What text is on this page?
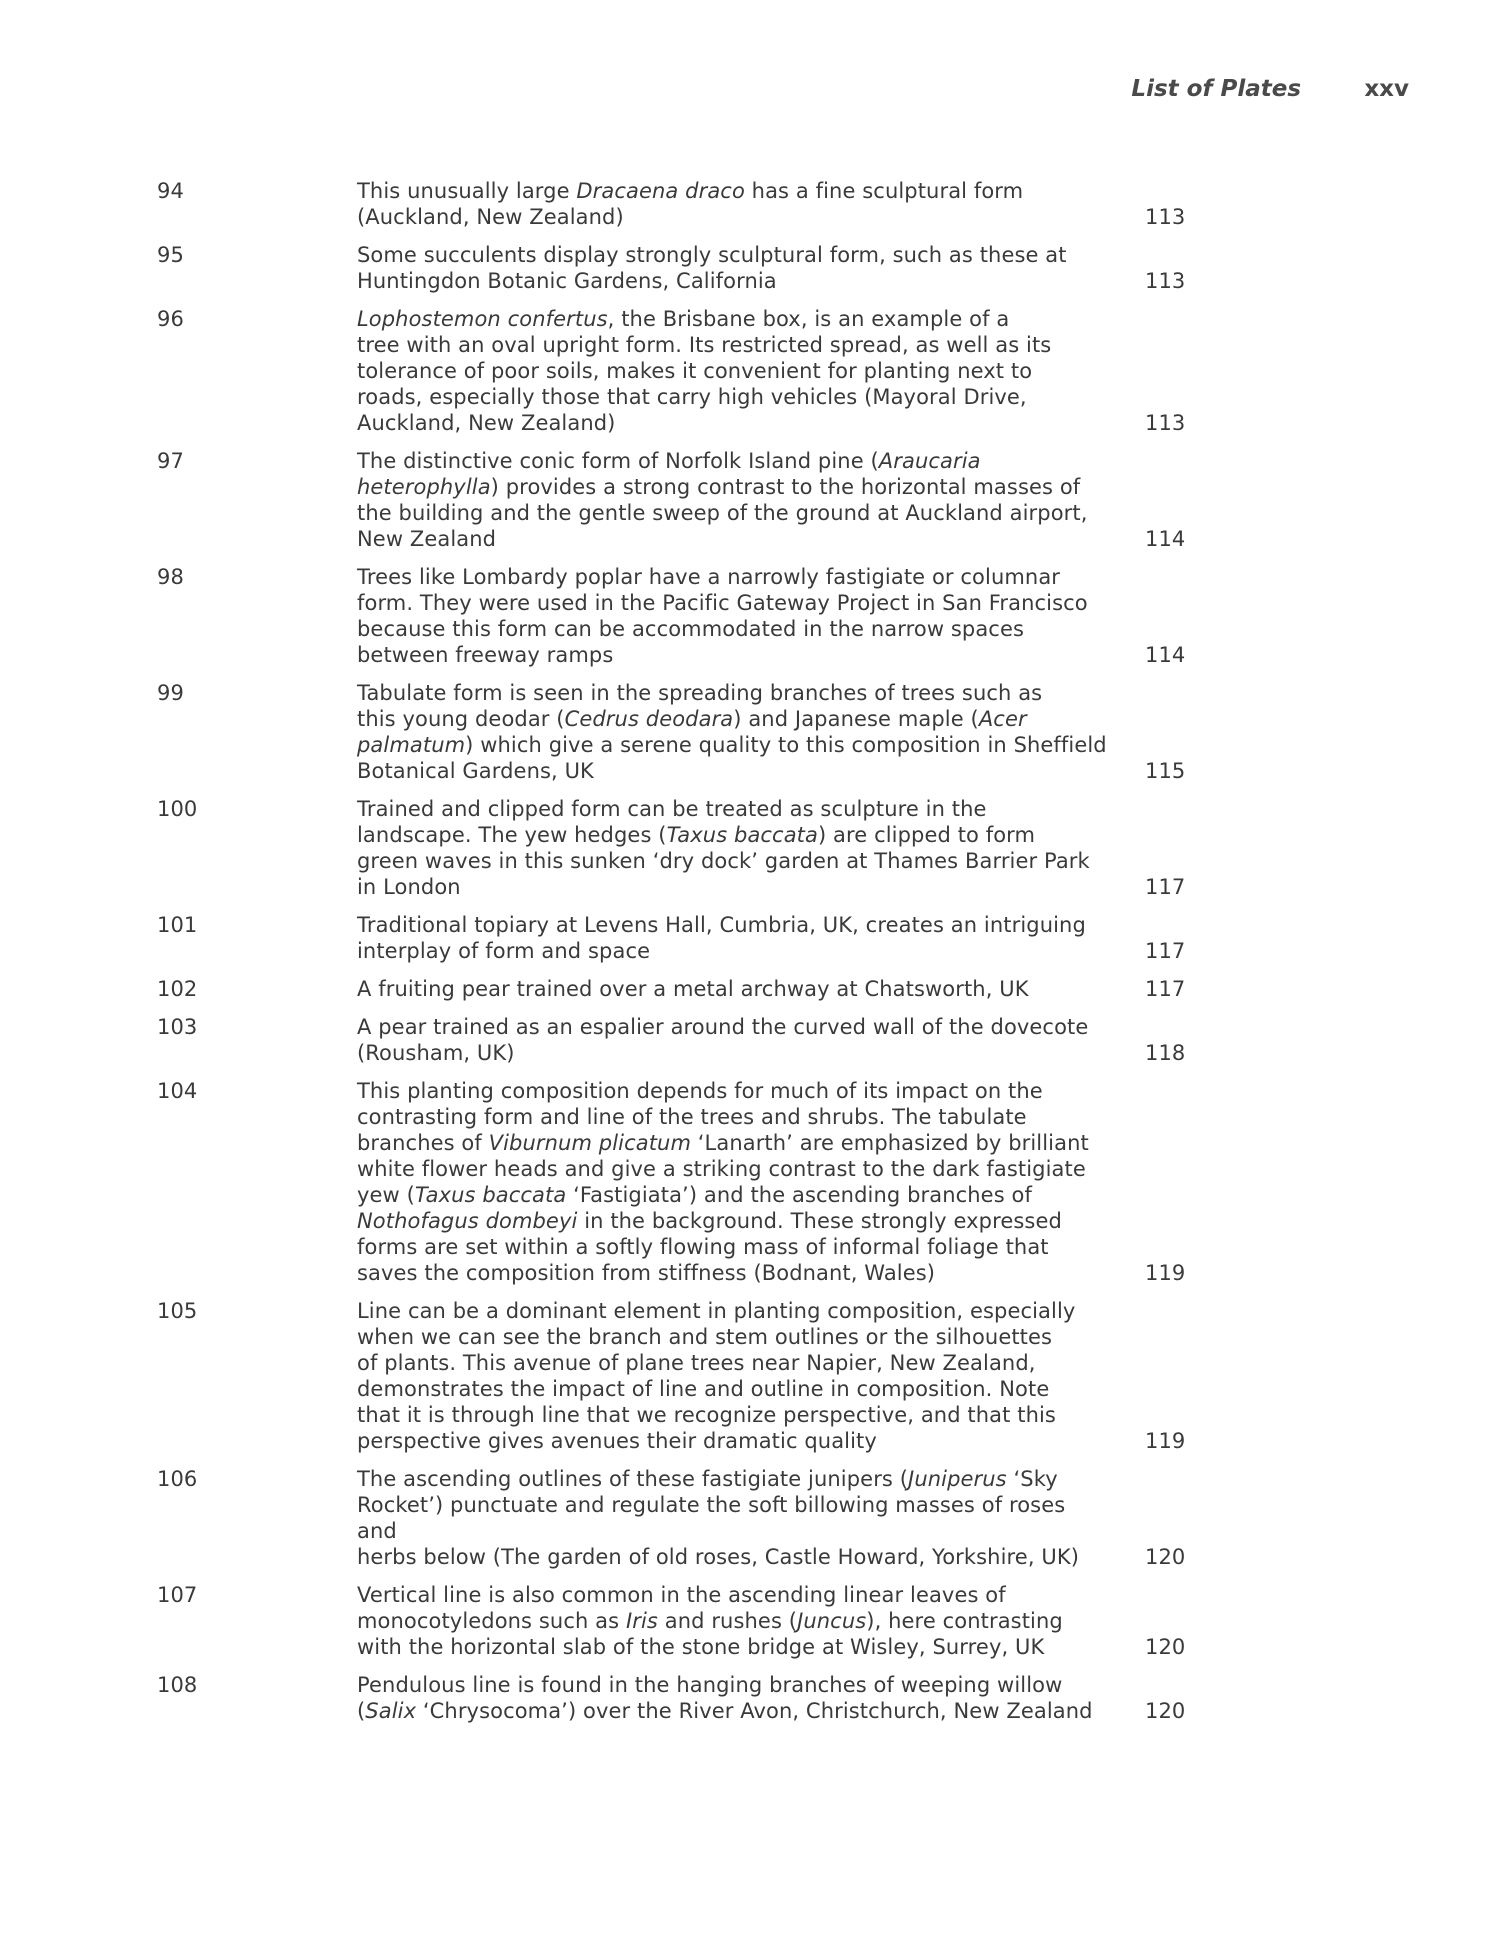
List of Plates	xxv
94	This unusually large Dracaena draco has a fine sculptural form
(Auckland, New Zealand)	113
95	Some succulents display strongly sculptural form, such as these at
Huntingdon Botanic Gardens, California	113
96	Lophostemon confertus, the Brisbane box, is an example of a
tree with an oval upright form. Its restricted spread, as well as its
tolerance of poor soils, makes it convenient for planting next to
roads, especially those that carry high vehicles (Mayoral Drive,
Auckland, New Zealand)	113
97	The distinctive conic form of Norfolk Island pine (Araucaria
heterophylla) provides a strong contrast to the horizontal masses of
the building and the gentle sweep of the ground at Auckland airport,
New Zealand	114
98	Trees like Lombardy poplar have a narrowly fastigiate or columnar
form. They were used in the Pacific Gateway Project in San Francisco
because this form can be accommodated in the narrow spaces
between freeway ramps	114
99	Tabulate form is seen in the spreading branches of trees such as
this young deodar (Cedrus deodara) and Japanese maple (Acer
palmatum) which give a serene quality to this composition in Sheffield
Botanical Gardens, UK	115
100	Trained and clipped form can be treated as sculpture in the
landscape. The yew hedges (Taxus baccata) are clipped to form
green waves in this sunken ‘dry dock’ garden at Thames Barrier Park
in London	117
101	Traditional topiary at Levens Hall, Cumbria, UK, creates an intriguing
interplay of form and space	117
102	A fruiting pear trained over a metal archway at Chatsworth, UK	117
103	A pear trained as an espalier around the curved wall of the dovecote
(Rousham, UK)	118
104	This planting composition depends for much of its impact on the
contrasting form and line of the trees and shrubs. The tabulate
branches of Viburnum plicatum ‘Lanarth’ are emphasized by brilliant
white flower heads and give a striking contrast to the dark fastigiate
yew (Taxus baccata ‘Fastigiata’) and the ascending branches of
Nothofagus dombeyi in the background. These strongly expressed
forms are set within a softly flowing mass of informal foliage that
saves the composition from stiffness (Bodnant, Wales)	119
105	Line can be a dominant element in planting composition, especially
when we can see the branch and stem outlines or the silhouettes
of plants. This avenue of plane trees near Napier, New Zealand,
demonstrates the impact of line and outline in composition. Note
that it is through line that we recognize perspective, and that this
perspective gives avenues their dramatic quality	119
106	The ascending outlines of these fastigiate junipers (Juniperus ‘Sky
Rocket’) punctuate and regulate the soft billowing masses of roses and
herbs below (The garden of old roses, Castle Howard, Yorkshire, UK)	120
107	Vertical line is also common in the ascending linear leaves of
monocotyledons such as Iris and rushes (Juncus), here contrasting
with the horizontal slab of the stone bridge at Wisley, Surrey, UK	120
108	Pendulous line is found in the hanging branches of weeping willow
(Salix ‘Chrysocoma’) over the River Avon, Christchurch, New Zealand	120
